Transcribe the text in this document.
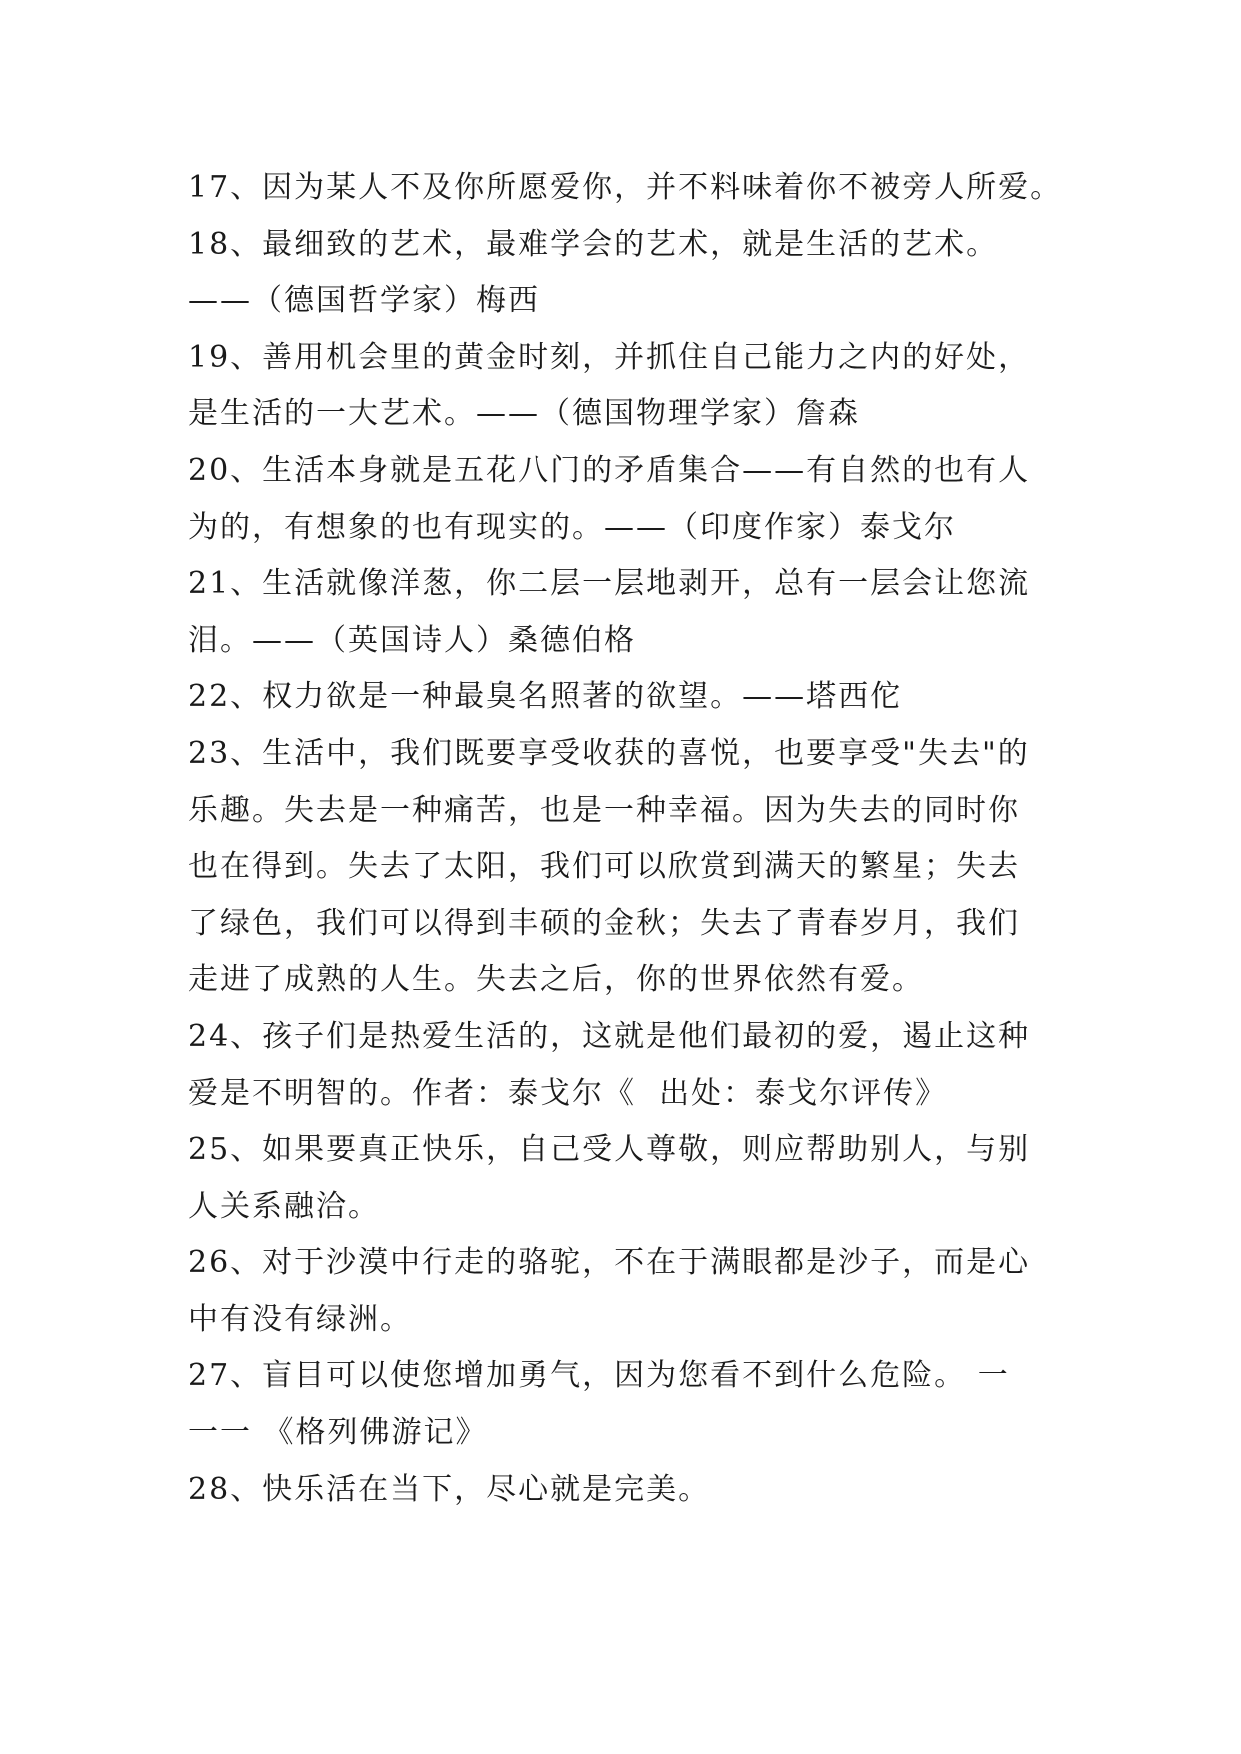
17、因为某人不及你所愿爱你，并不料味着你不被旁人所爱。
18、最细致的艺术，最难学会的艺术，就是生活的艺术。
——（德国哲学家）梅西
19、善用机会里的黄金时刻，并抓住自己能力之内的好处，
是生活的一大艺术。——（德国物理学家）詹森
20、生活本身就是五花八门的矛盾集合——有自然的也有人
为的，有想象的也有现实的。——（印度作家）泰戈尔
21、生活就像洋葱，你二层一层地剥开，总有一层会让您流
泪。——（英国诗人）桑德伯格
22、权力欲是一种最臭名照著的欲望。——塔西佗
23、生活中，我们既要享受收获的喜悦，也要享受"失去"的
乐趣。失去是一种痛苦，也是一种幸福。因为失去的同时你
也在得到。失去了太阳，我们可以欣赏到满天的繁星；失去
了绿色，我们可以得到丰硕的金秋；失去了青春岁月，我们
走进了成熟的人生。失去之后，你的世界依然有爱。
24、孩子们是热爱生活的，这就是他们最初的爱，遏止这种
爱是不明智的。作者：泰戈尔《  出处：泰戈尔评传》
25、如果要真正快乐，自己受人尊敬，则应帮助别人，与别
人关系融洽。
26、对于沙漠中行走的骆驼，不在于满眼都是沙子，而是心
中有没有绿洲。
27、盲目可以使您增加勇气，因为您看不到什么危险。 一
一一 《格列佛游记》
28、快乐活在当下，尽心就是完美。
